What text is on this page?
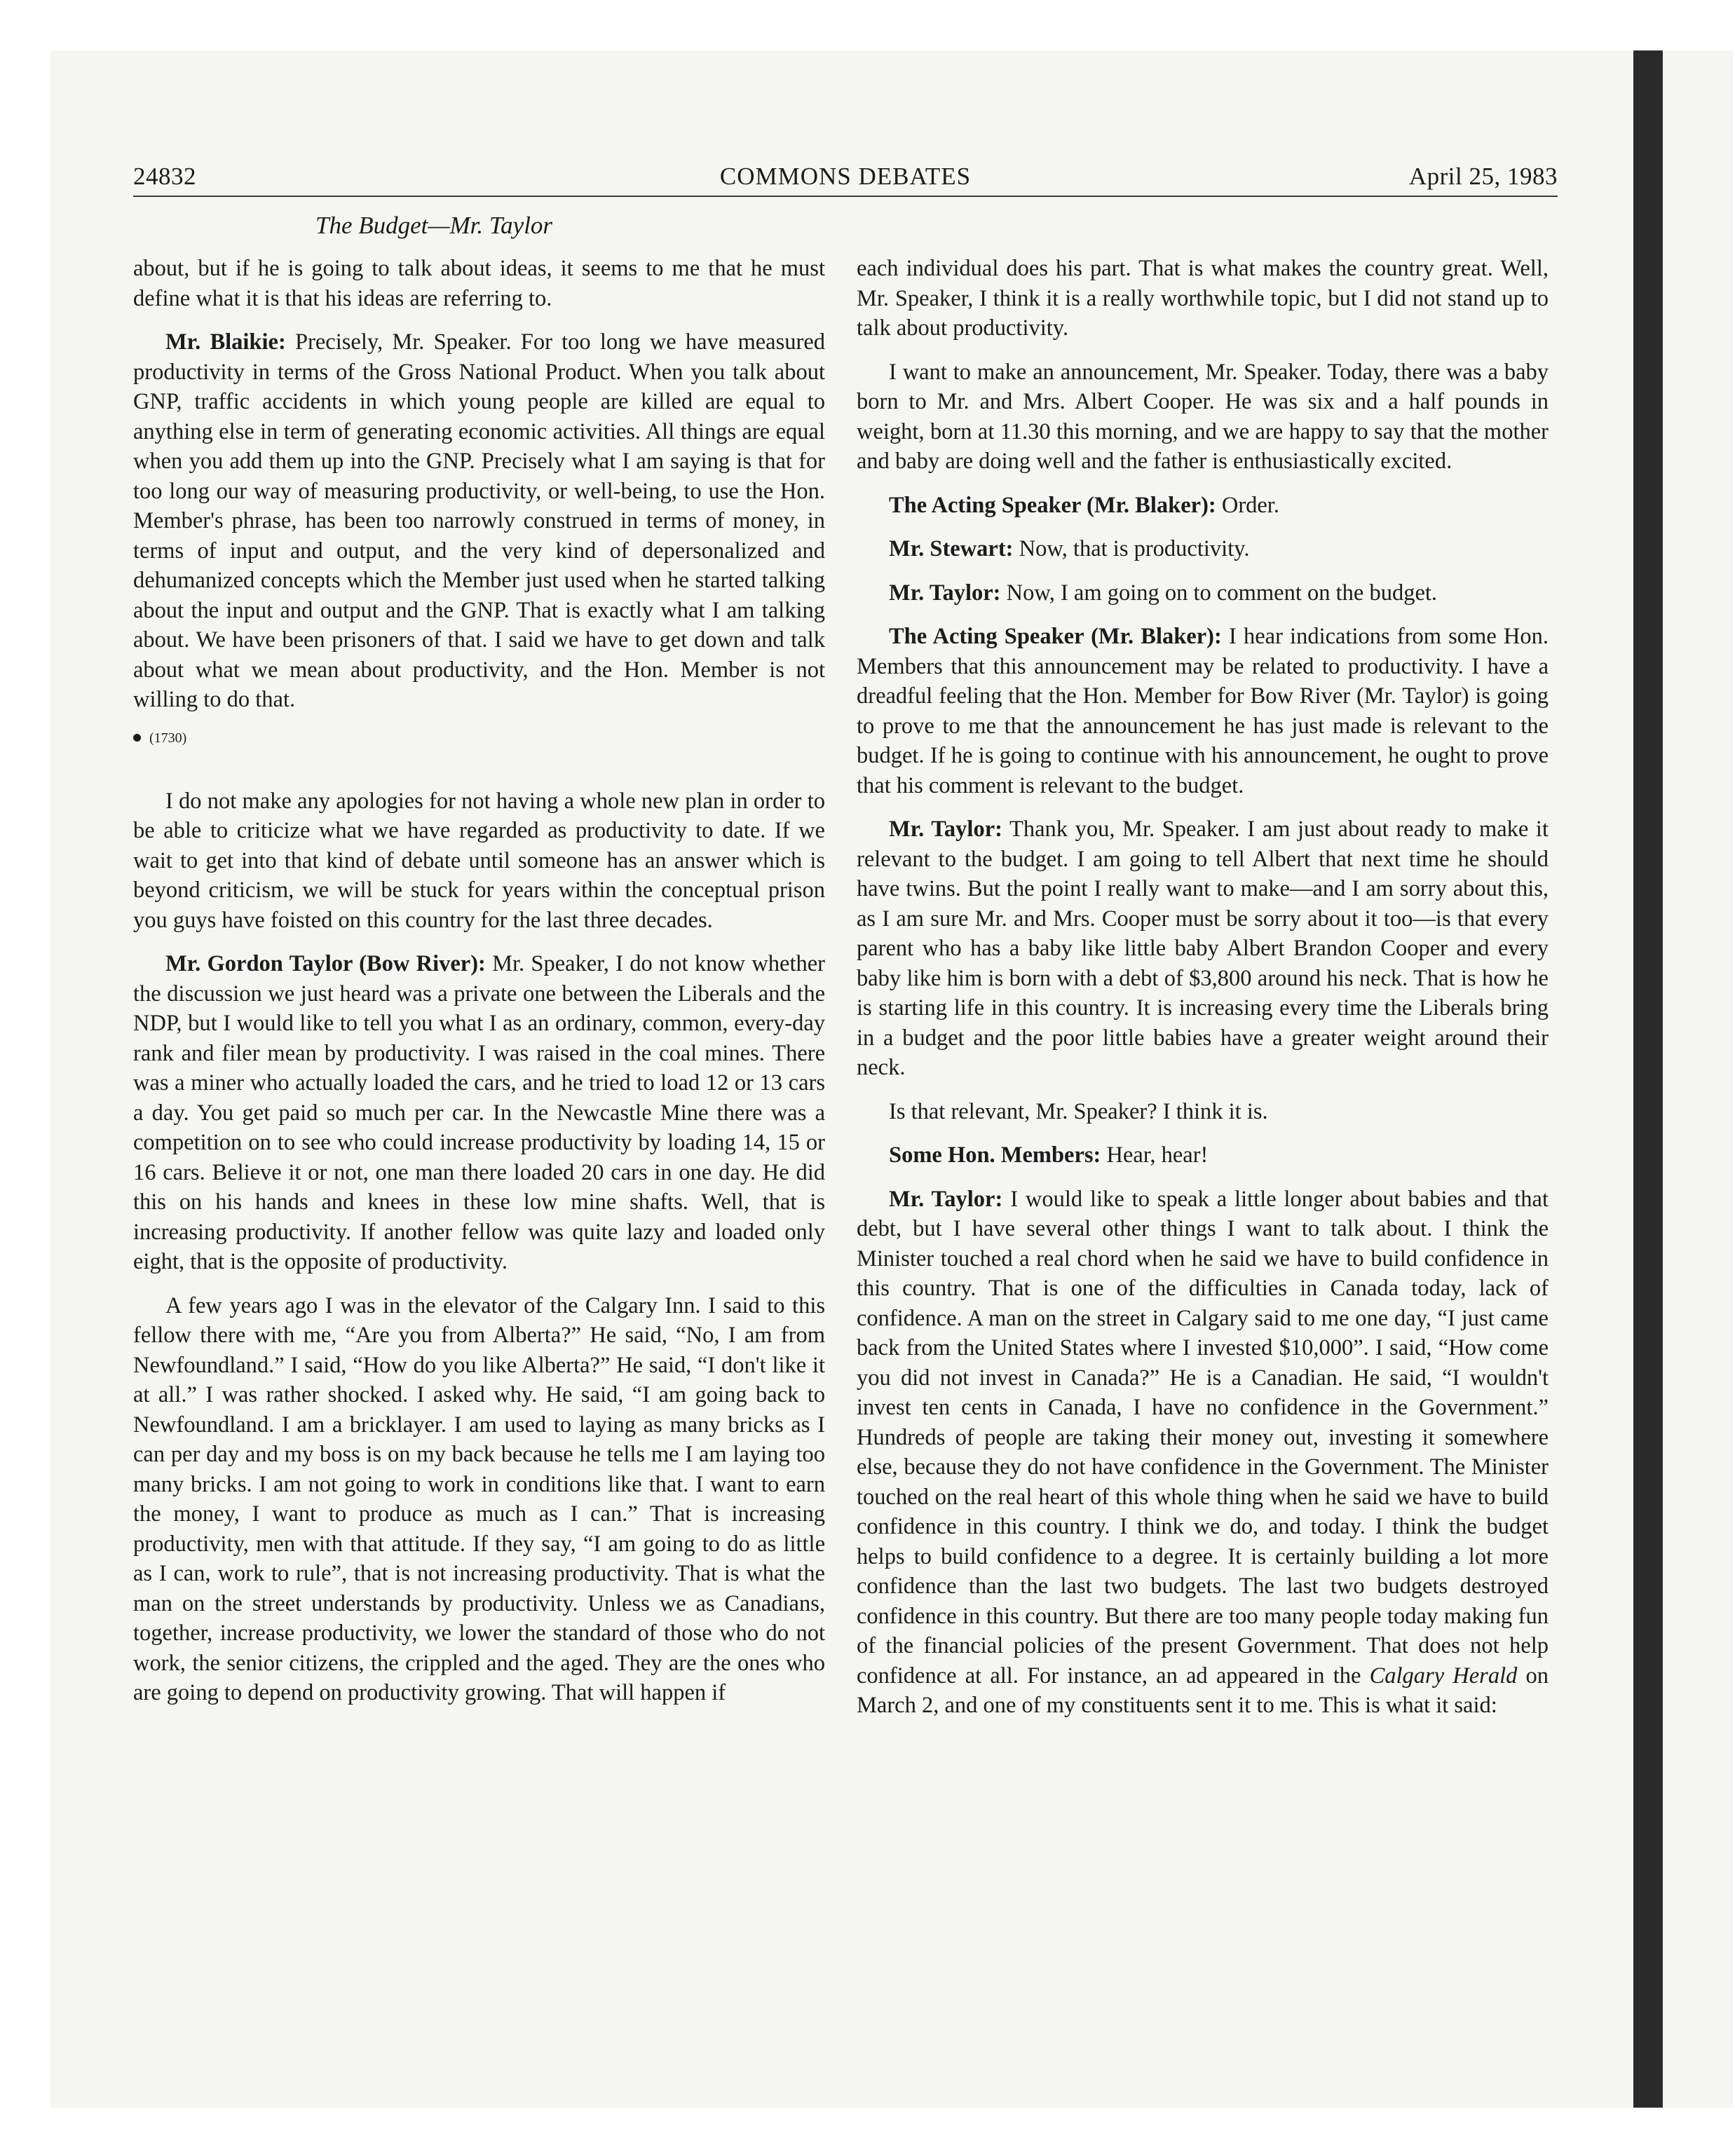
24832	COMMONS DEBATES	April 25, 1983
The Budget—Mr. Taylor

about, but if he is going to talk about ideas, it seems to me that he must define what it is that his ideas are referring to.

Mr. Blaikie: Precisely, Mr. Speaker. For too long we have measured productivity in terms of the Gross National Product. When you talk about GNP, traffic accidents in which young people are killed are equal to anything else in term of generating economic activities. All things are equal when you add them up into the GNP. Precisely what I am saying is that for too long our way of measuring productivity, or well-being, to use the Hon. Member's phrase, has been too narrowly construed in terms of money, in terms of input and output, and the very kind of depersonalized and dehumanized concepts which the Member just used when he started talking about the input and output and the GNP. That is exactly what I am talking about. We have been prisoners of that. I said we have to get down and talk about what we mean about productivity, and the Hon. Member is not willing to do that.

(1730)

I do not make any apologies for not having a whole new plan in order to be able to criticize what we have regarded as productivity to date. If we wait to get into that kind of debate until someone has an answer which is beyond criticism, we will be stuck for years within the conceptual prison you guys have foisted on this country for the last three decades.

Mr. Gordon Taylor (Bow River): Mr. Speaker, I do not know whether the discussion we just heard was a private one between the Liberals and the NDP, but I would like to tell you what I as an ordinary, common, every-day rank and filer mean by productivity. I was raised in the coal mines. There was a miner who actually loaded the cars, and he tried to load 12 or 13 cars a day. You get paid so much per car. In the Newcastle Mine there was a competition on to see who could increase productivity by loading 14, 15 or 16 cars. Believe it or not, one man there loaded 20 cars in one day. He did this on his hands and knees in these low mine shafts. Well, that is increasing productivity. If another fellow was quite lazy and loaded only eight, that is the opposite of productivity.

A few years ago I was in the elevator of the Calgary Inn. I said to this fellow there with me, “Are you from Alberta?” He said, “No, I am from Newfoundland.” I said, “How do you like Alberta?” He said, “I don't like it at all.” I was rather shocked. I asked why. He said, “I am going back to Newfoundland. I am a bricklayer. I am used to laying as many bricks as I can per day and my boss is on my back because he tells me I am laying too many bricks. I am not going to work in conditions like that. I want to earn the money, I want to produce as much as I can.” That is increasing productivity, men with that attitude. If they say, “I am going to do as little as I can, work to rule”, that is not increasing productivity. That is what the man on the street understands by productivity. Unless we as Canadians, together, increase productivity, we lower the standard of those who do not work, the senior citizens, the crippled and the aged. They are the ones who are going to depend on productivity growing. That will happen if

each individual does his part. That is what makes the country great. Well, Mr. Speaker, I think it is a really worthwhile topic, but I did not stand up to talk about productivity.

I want to make an announcement, Mr. Speaker. Today, there was a baby born to Mr. and Mrs. Albert Cooper. He was six and a half pounds in weight, born at 11.30 this morning, and we are happy to say that the mother and baby are doing well and the father is enthusiastically excited.

The Acting Speaker (Mr. Blaker): Order.

Mr. Stewart: Now, that is productivity.

Mr. Taylor: Now, I am going on to comment on the budget.

The Acting Speaker (Mr. Blaker): I hear indications from some Hon. Members that this announcement may be related to productivity. I have a dreadful feeling that the Hon. Member for Bow River (Mr. Taylor) is going to prove to me that the announcement he has just made is relevant to the budget. If he is going to continue with his announcement, he ought to prove that his comment is relevant to the budget.

Mr. Taylor: Thank you, Mr. Speaker. I am just about ready to make it relevant to the budget. I am going to tell Albert that next time he should have twins. But the point I really want to make—and I am sorry about this, as I am sure Mr. and Mrs. Cooper must be sorry about it too—is that every parent who has a baby like little baby Albert Brandon Cooper and every baby like him is born with a debt of $3,800 around his neck. That is how he is starting life in this country. It is increasing every time the Liberals bring in a budget and the poor little babies have a greater weight around their neck.

Is that relevant, Mr. Speaker? I think it is.

Some Hon. Members: Hear, hear!

Mr. Taylor: I would like to speak a little longer about babies and that debt, but I have several other things I want to talk about. I think the Minister touched a real chord when he said we have to build confidence in this country. That is one of the difficulties in Canada today, lack of confidence. A man on the street in Calgary said to me one day, “I just came back from the United States where I invested $10,000”. I said, “How come you did not invest in Canada?” He is a Canadian. He said, “I wouldn't invest ten cents in Canada, I have no confidence in the Government.” Hundreds of people are taking their money out, investing it somewhere else, because they do not have confidence in the Government. The Minister touched on the real heart of this whole thing when he said we have to build confidence in this country. I think we do, and today. I think the budget helps to build confidence to a degree. It is certainly building a lot more confidence than the last two budgets. The last two budgets destroyed confidence in this country. But there are too many people today making fun of the financial policies of the present Government. That does not help confidence at all. For instance, an ad appeared in the Calgary Herald on March 2, and one of my constituents sent it to me. This is what it said:
